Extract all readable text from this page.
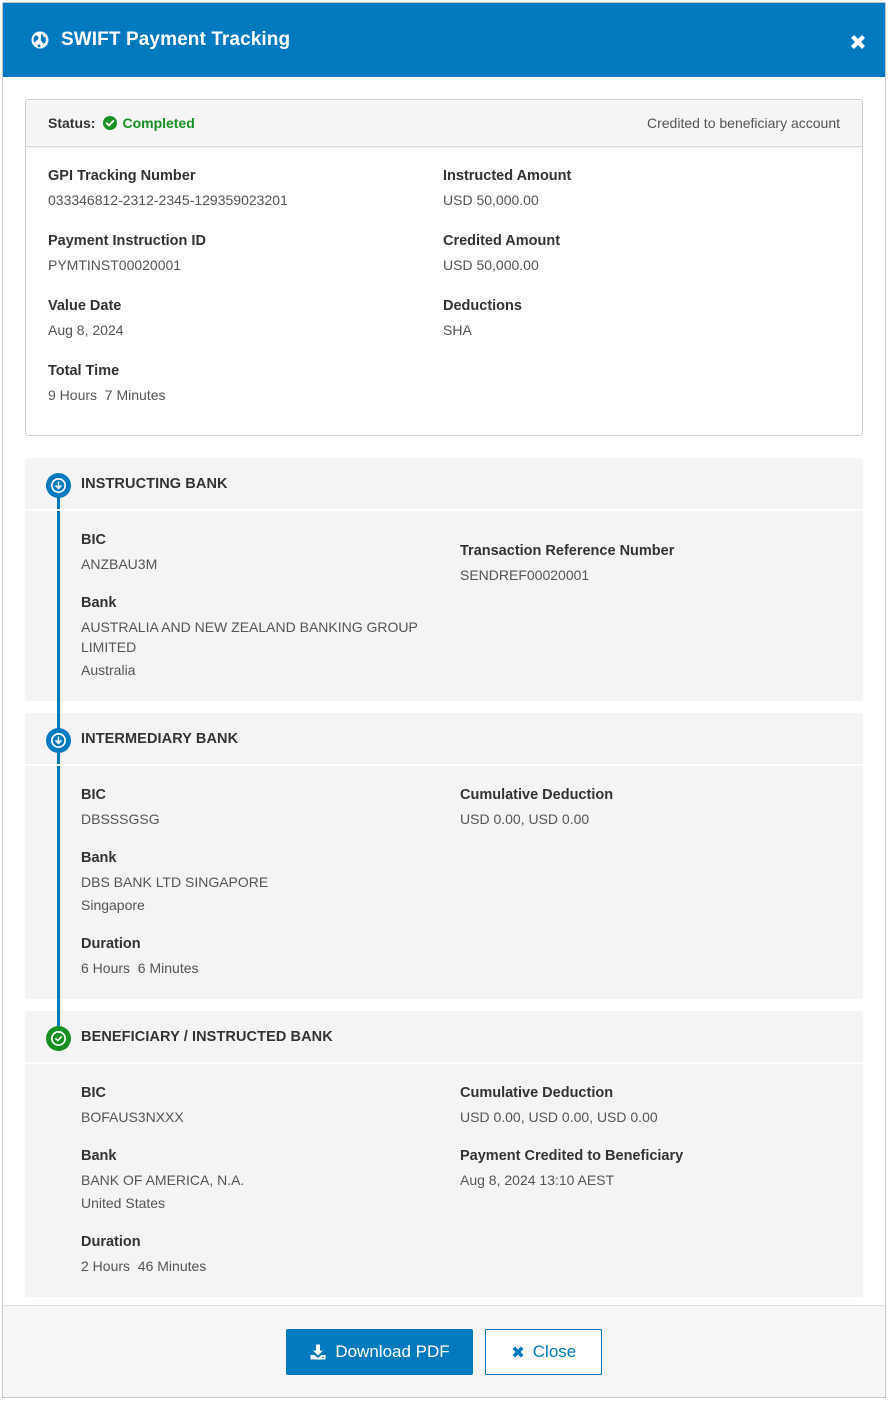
SWIFT Payment Tracking
Status: Completed	Credited to beneficiary account
GPI Tracking Number
033346812-2312-2345-129359023201
Instructed Amount
USD 50,000.00
Payment Instruction ID
PYMTINST00020001
Credited Amount
USD 50,000.00
Value Date
Aug 8, 2024
Deductions
SHA
Total Time
9 Hours  7 Minutes
INSTRUCTING BANK
BIC
ANZBAU3M
Bank
AUSTRALIA AND NEW ZEALAND BANKING GROUP LIMITED
Australia
Transaction Reference Number
SENDREF00020001
INTERMEDIARY BANK
BIC
DBSSSGSG
Bank
DBS BANK LTD SINGAPORE
Singapore
Duration
6 Hours  6 Minutes
Cumulative Deduction
USD 0.00, USD 0.00
BENEFICIARY / INSTRUCTED BANK
BIC
BOFAUS3NXXX
Bank
BANK OF AMERICA, N.A.
United States
Duration
2 Hours  46 Minutes
Cumulative Deduction
USD 0.00, USD 0.00, USD 0.00
Payment Credited to Beneficiary
Aug 8, 2024 13:10 AEST
Download PDF	Close
